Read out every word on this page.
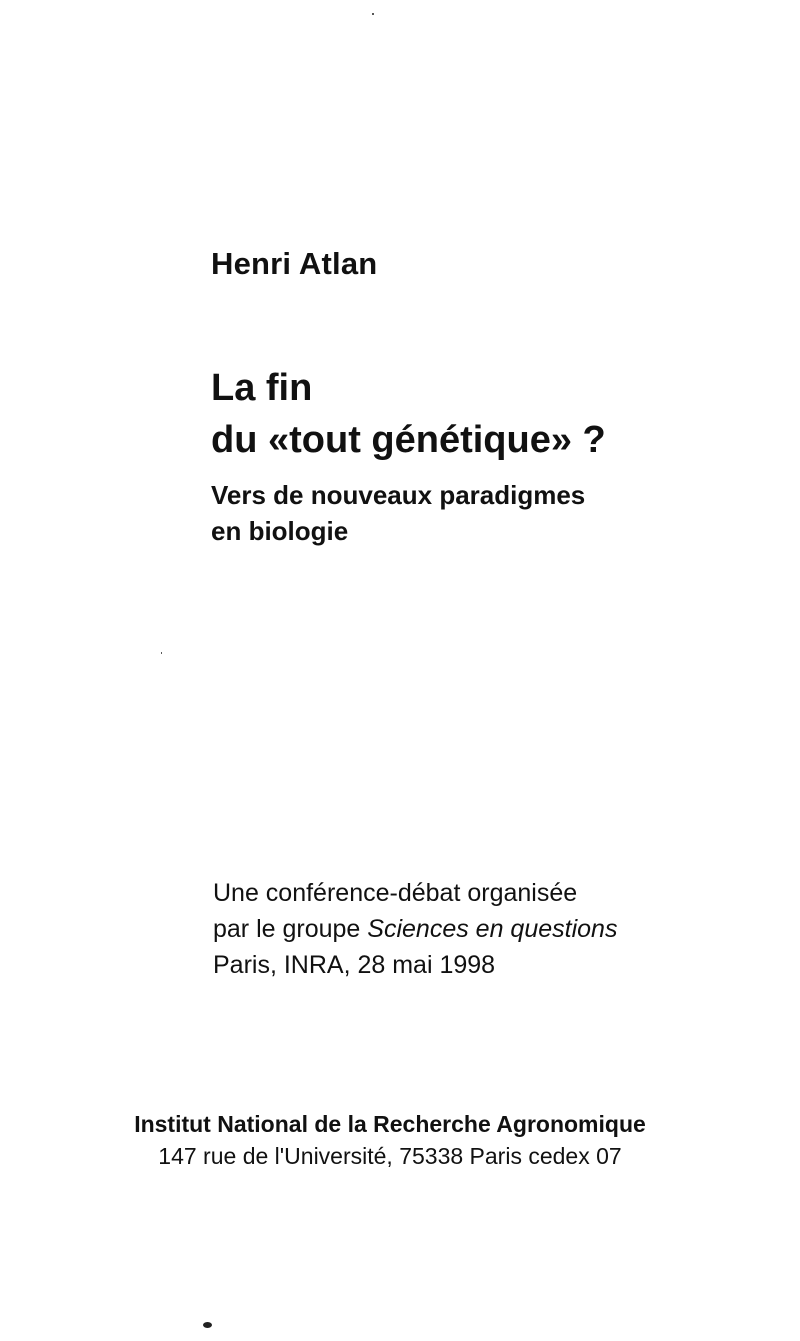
Henri Atlan
La fin
du «tout génétique» ?
Vers de nouveaux paradigmes
en biologie
Une conférence-débat organisée
par le groupe Sciences en questions
Paris, INRA, 28 mai 1998
Institut National de la Recherche Agronomique
147 rue de l'Université, 75338 Paris cedex 07
